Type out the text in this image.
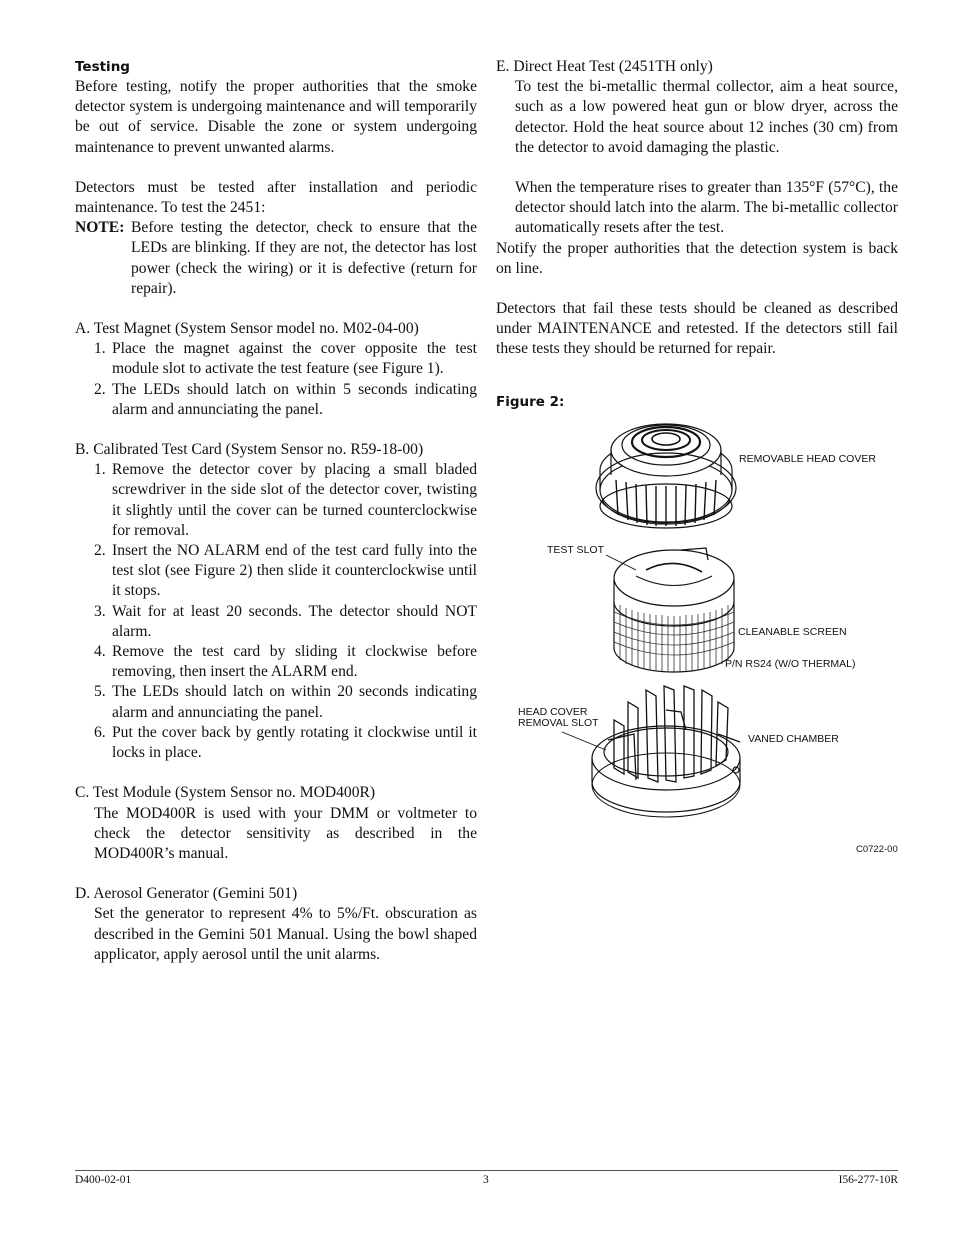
Testing

Before testing, notify the proper authorities that the smoke detector system is undergoing maintenance and will temporarily be out of service. Disable the zone or system undergoing maintenance to prevent unwanted alarms.

Detectors must be tested after installation and periodic maintenance. To test the 2451:

NOTE: Before testing the detector, check to ensure that the LEDs are blinking. If they are not, the detector has lost power (check the wiring) or it is defective (return for repair).

A. Test Magnet (System Sensor model no. M02-04-00)

1. Place the magnet against the cover opposite the test module slot to activate the test feature (see Figure 1).
2. The LEDs should latch on within 5 seconds indicating alarm and annunciating the panel.

B. Calibrated Test Card (System Sensor no. R59-18-00)

1. Remove the detector cover by placing a small bladed screwdriver in the side slot of the detector cover, twisting it slightly until the cover can be turned counterclockwise for removal.
2. Insert the NO ALARM end of the test card fully into the test slot (see Figure 2) then slide it counterclockwise until it stops.
3. Wait for at least 20 seconds. The detector should NOT alarm.
4. Remove the test card by sliding it clockwise before removing, then insert the ALARM end.
5. The LEDs should latch on within 20 seconds indicating alarm and annunciating the panel.
6. Put the cover back by gently rotating it clockwise until it locks in place.

C. Test Module (System Sensor no. MOD400R)

The MOD400R is used with your DMM or voltmeter to check the detector sensitivity as described in the MOD400R’s manual.

D. Aerosol Generator (Gemini 501)

Set the generator to represent 4% to 5%/Ft. obscuration as described in the Gemini 501 Manual. Using the bowl shaped applicator, apply aerosol until the unit alarms.

E. Direct Heat Test (2451TH only)

To test the bi-metallic thermal collector, aim a heat source, such as a low powered heat gun or blow dryer, across the detector. Hold the heat source about 12 inches (30 cm) from the detector to avoid damaging the plastic.

When the temperature rises to greater than 135°F (57°C), the detector should latch into the alarm. The bi-metallic collector automatically resets after the test.

Notify the proper authorities that the detection system is back on line.

Detectors that fail these tests should be cleaned as described under MAINTENANCE and retested. If the detectors still fail these tests they should be returned for repair.

Figure 2:
REMOVABLE HEAD COVER
TEST SLOT
CLEANABLE SCREEN
P/N RS24 (W/O THERMAL)
HEAD COVER
REMOVAL SLOT
VANED CHAMBER
C0722-00
D400-02-01	3	I56-277-10R
